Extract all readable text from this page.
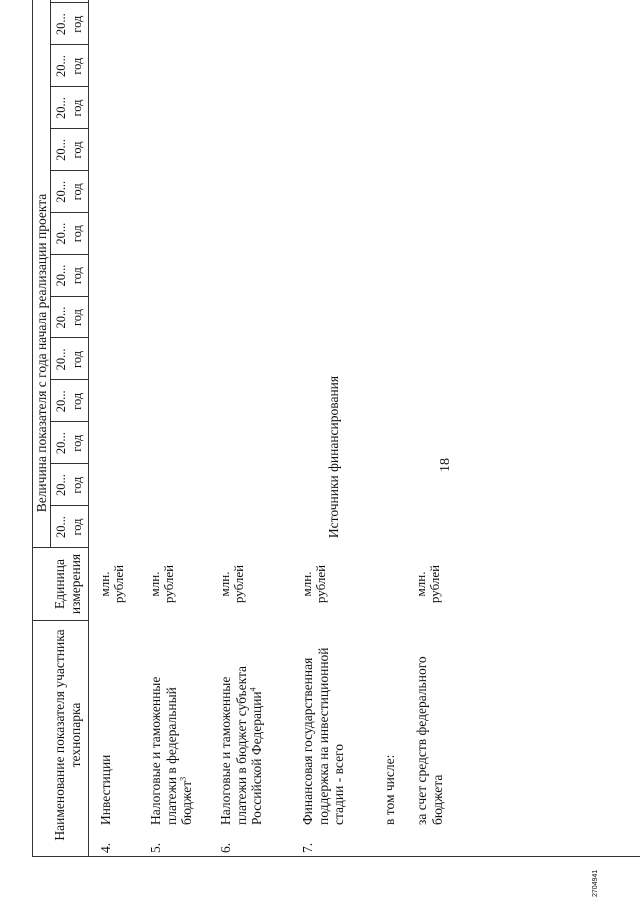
18
2704941
Наименование показателя участника технопарка
Единица измерения
Величина показателя с года начала реализации проекта
20... год
20... год
20... год
20... год
20... год
20... год
20... год
20... год
20... год
20... год
20... год
20... год
20... год
Источники финансирования
4.
Инвестиции
млн. рублей
5.
Налоговые и таможенные платежи в федеральный бюджет$^3$
млн. рублей
6.
Налоговые и таможенные платежи в бюджет субъекта Российской Федерации$^4$
млн. рублей
7.
Финансовая государственная поддержка на инвестиционной стадии - всего
млн. рублей
в том числе: за счет средств федерального бюджета
млн. рублей
